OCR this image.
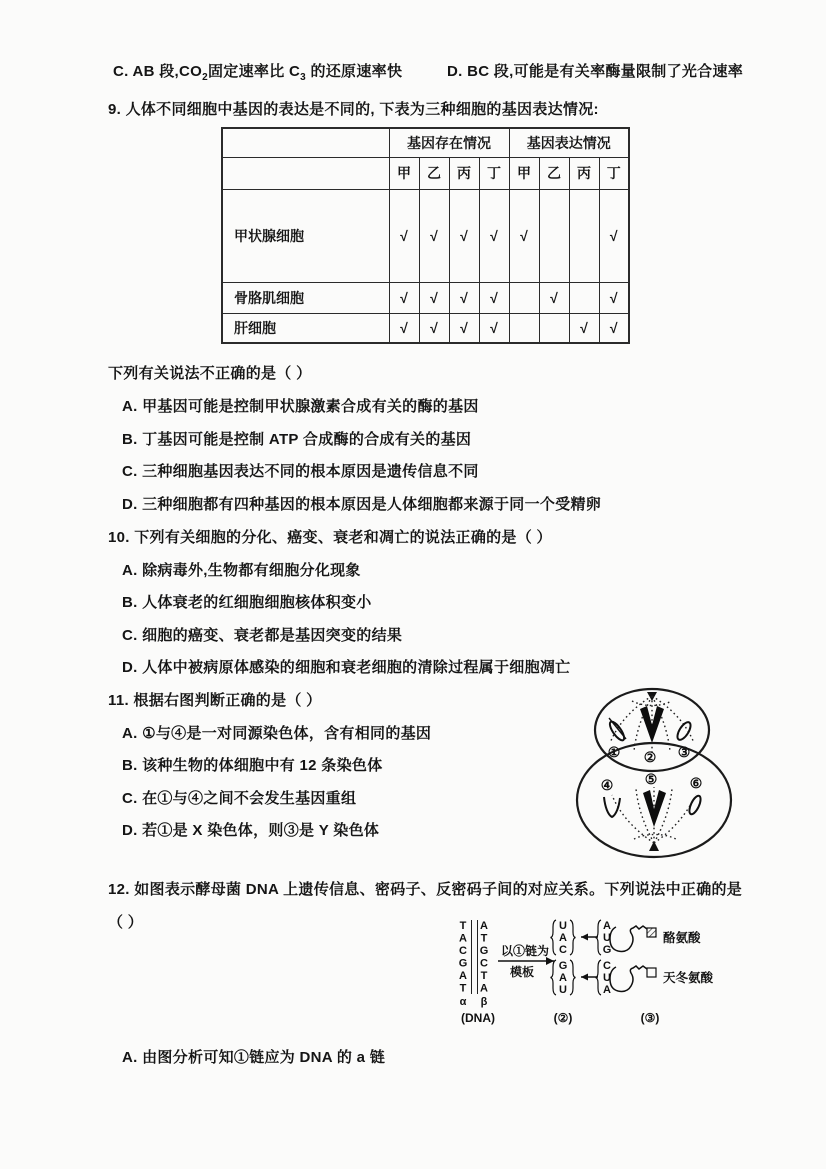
C. AB 段$,CO_2$固定速率比 $C_3$ 的还原速率快	D. BC 段,可能是有关率酶量限制了光合速率
9. 人体不同细胞中基因的表达是不同的, 下表为三种细胞的基因表达情况:
	基因存在情况				基因表达情况			
	甲	乙	丙	丁	甲	乙	丙	丁
甲状腺细胞	√	√	√	√	√			√
骨胳肌细胞	√	√	√	√		√		√
肝细胞	√	√	√	√			√	√
下列有关说法不正确的是（ ）
A. 甲基因可能是控制甲状腺激素合成有关的酶的基因
B. 丁基因可能是控制 ATP 合成酶的合成有关的基因
C. 三种细胞基因表达不同的根本原因是遗传信息不同
D. 三种细胞都有四种基因的根本原因是人体细胞都来源于同一个受精卵
10. 下列有关细胞的分化、癌变、衰老和凋亡的说法正确的是（ ）
A. 除病毒外,生物都有细胞分化现象
B. 人体衰老的红细胞细胞核体积变小
C. 细胞的癌变、衰老都是基因突变的结果
D. 人体中被病原体感染的细胞和衰老细胞的清除过程属于细胞凋亡
11. 根据右图判断正确的是（ ）
A. ①与④是一对同源染色体，含有相同的基因
B. 该种生物的体细胞中有 12 条染色体
C. 在①与④之间不会发生基因重组
D. 若①是 X 染色体，则③是 Y 染色体
① ② ③
④ ⑤ ⑥
12. 如图表示酵母菌 DNA 上遗传信息、密码子、反密码子间的对应关系。下列说法中正确的是
（ ）	T
A
C
G
A
T
A
T
G
C
T
A
α β
以①链为
模板
U
A
C
G
A
U
A
U
G
C
U
A
酪氨酸
天冬氨酸
(DNA)	(②)	(③)
A. 由图分析可知①链应为 DNA 的 a 链
